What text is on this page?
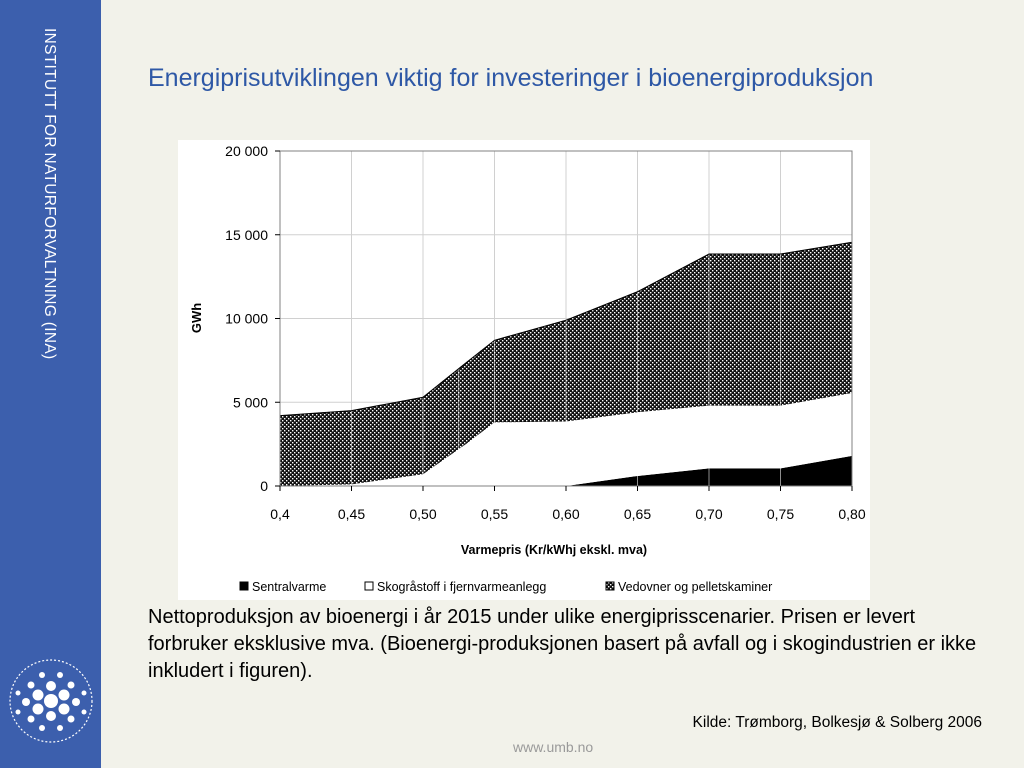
INSTITUTT FOR NATURFORVALTNING (INA)	Energiprisutviklingen viktig for investeringer i bioenergiproduksjon
0
5 000
10 000
15 000
20 000
0,4	0,45	0,50	0,55	0,60	0,65	0,70	0,75	0,80
GWh
Varmepris (Kr/kWhj ekskl. mva)
Sentralvarme	Skogråstoff i fjernvarmeanlegg	Vedovner og pelletskaminer
Nettoproduksjon av bioenergi i år 2015 under ulike energiprisscenarier. Prisen er levert forbruker eksklusive mva. (Bioenergi-produksjonen basert på avfall og i skogindustrien er ikke inkludert i figuren).
Kilde: Trømborg, Bolkesjø & Solberg 2006
www.umb.no
